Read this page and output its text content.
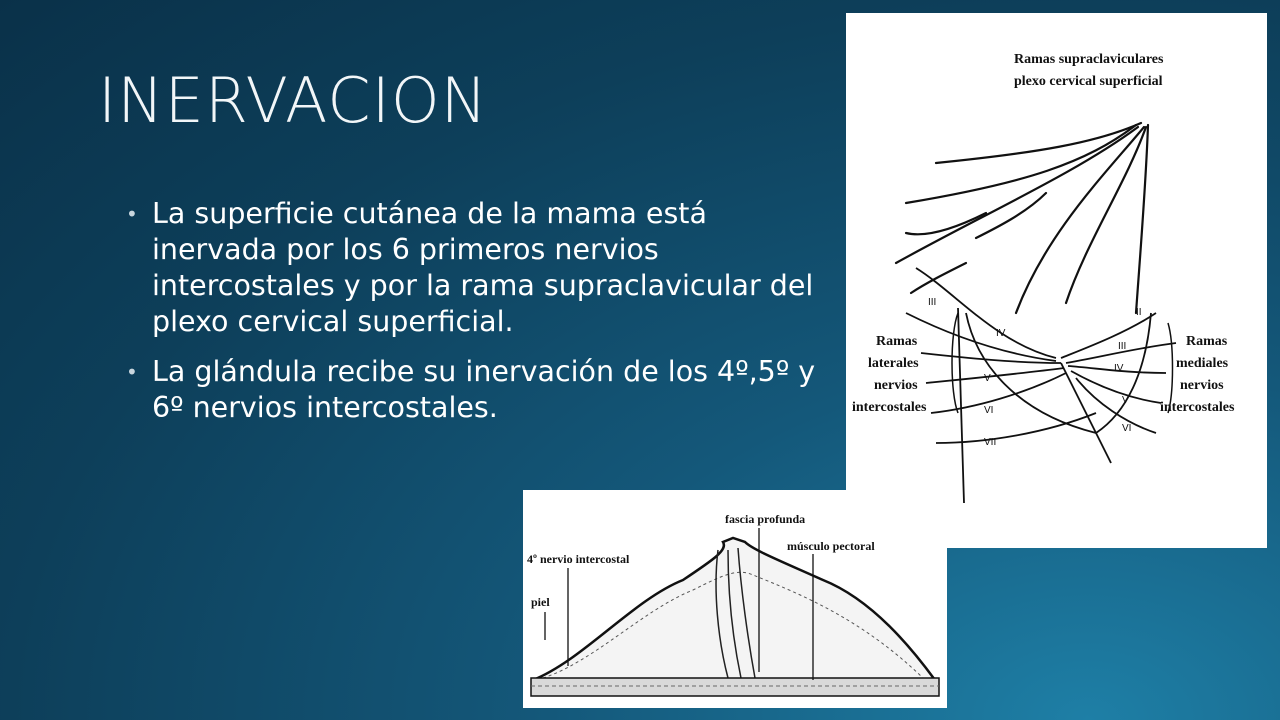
INERVACION
• La superficie cutánea de la mama está inervada por los 6 primeros nervios intercostales y por la rama supraclavicular del plexo cervical superficial.
• La glándula recibe su inervación de los 4º,5º y 6º nervios intercostales.
Ramas supraclaviculares
plexo cervical superficial
III
IV
V
VI
VII
II
III
IV
V
VI
Ramas
laterales
nervios
intercostales
Ramas
mediales
nervios
intercostales
fascia profunda
4º nervio intercostal
músculo pectoral
piel
